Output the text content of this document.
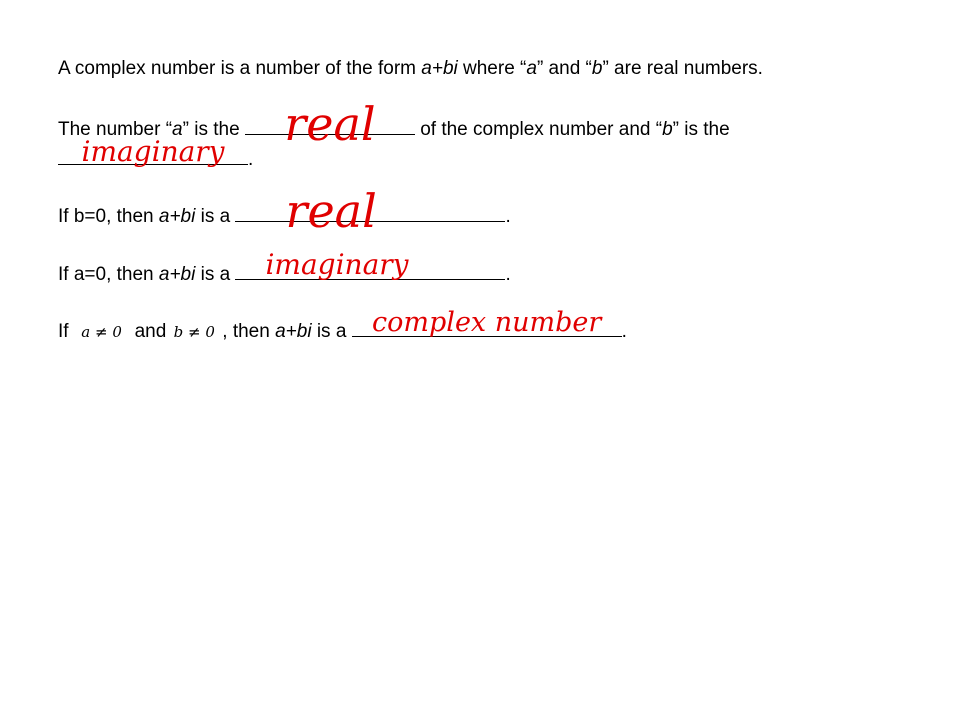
A complex number is a number of the form a+bi where “a” and “b” are real numbers.
The number “a” is the real	of the complex number and “b” is the
imaginary	.
If b=0, then a+bi is a	real	.
If a=0, then a+bi is a	imaginary	.
If a ≠ 0 and b ≠ 0 , then a+bi is a complex number	.
